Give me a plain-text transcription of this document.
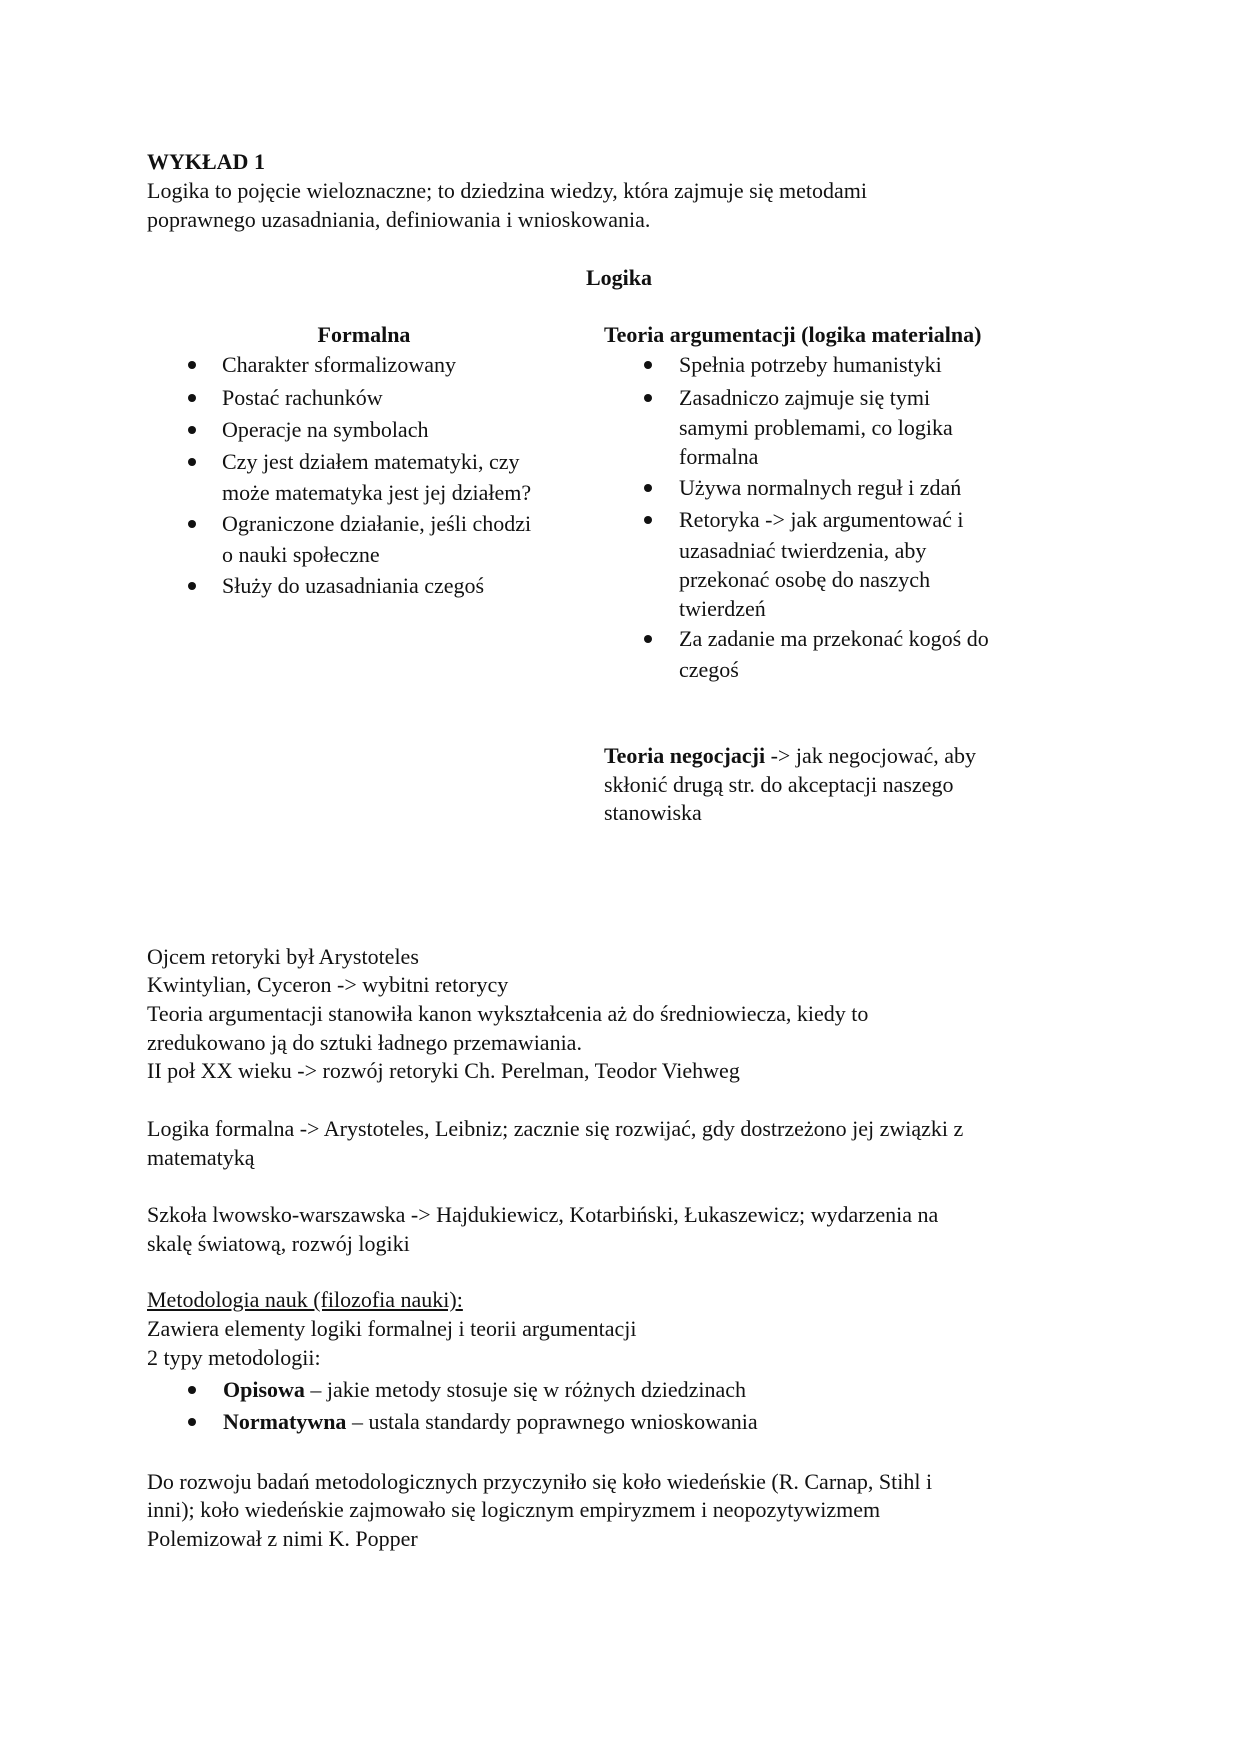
WYKŁAD 1
Logika to pojęcie wieloznaczne; to dziedzina wiedzy, która zajmuje się metodami
poprawnego uzasadniania, definiowania i wnioskowania.
Logika
Formalna	Teoria argumentacji (logika materialna)
Charakter sformalizowany
Postać rachunków
Operacje na symbolach
Czy jest działem matematyki, czy
może matematyka jest jej działem?
Ograniczone działanie, jeśli chodzi
o nauki społeczne
Służy do uzasadniania czegoś
Spełnia potrzeby humanistyki
Zasadniczo zajmuje się tymi
samymi problemami, co logika
formalna
Używa normalnych reguł i zdań
Retoryka -> jak argumentować i
uzasadniać twierdzenia, aby
przekonać osobę do naszych
twierdzeń
Za zadanie ma przekonać kogoś do
czegoś
Teoria negocjacji -> jak negocjować, aby
skłonić drugą str. do akceptacji naszego
stanowiska
Ojcem retoryki był Arystoteles
Kwintylian, Cyceron -> wybitni retorycy
Teoria argumentacji stanowiła kanon wykształcenia aż do średniowiecza, kiedy to
zredukowano ją do sztuki ładnego przemawiania.
II poł XX wieku -> rozwój retoryki Ch. Perelman, Teodor Viehweg
Logika formalna -> Arystoteles, Leibniz; zacznie się rozwijać, gdy dostrzeżono jej związki z
matematyką
Szkoła lwowsko-warszawska -> Hajdukiewicz, Kotarbiński, Łukaszewicz; wydarzenia na
skalę światową, rozwój logiki
Metodologia nauk (filozofia nauki):
Zawiera elementy logiki formalnej i teorii argumentacji
2 typy metodologii:
Opisowa – jakie metody stosuje się w różnych dziedzinach
Normatywna – ustala standardy poprawnego wnioskowania
Do rozwoju badań metodologicznych przyczyniło się koło wiedeńskie (R. Carnap, Stihl i
inni); koło wiedeńskie zajmowało się logicznym empiryzmem i neopozytywizmem
Polemizował z nimi K. Popper
